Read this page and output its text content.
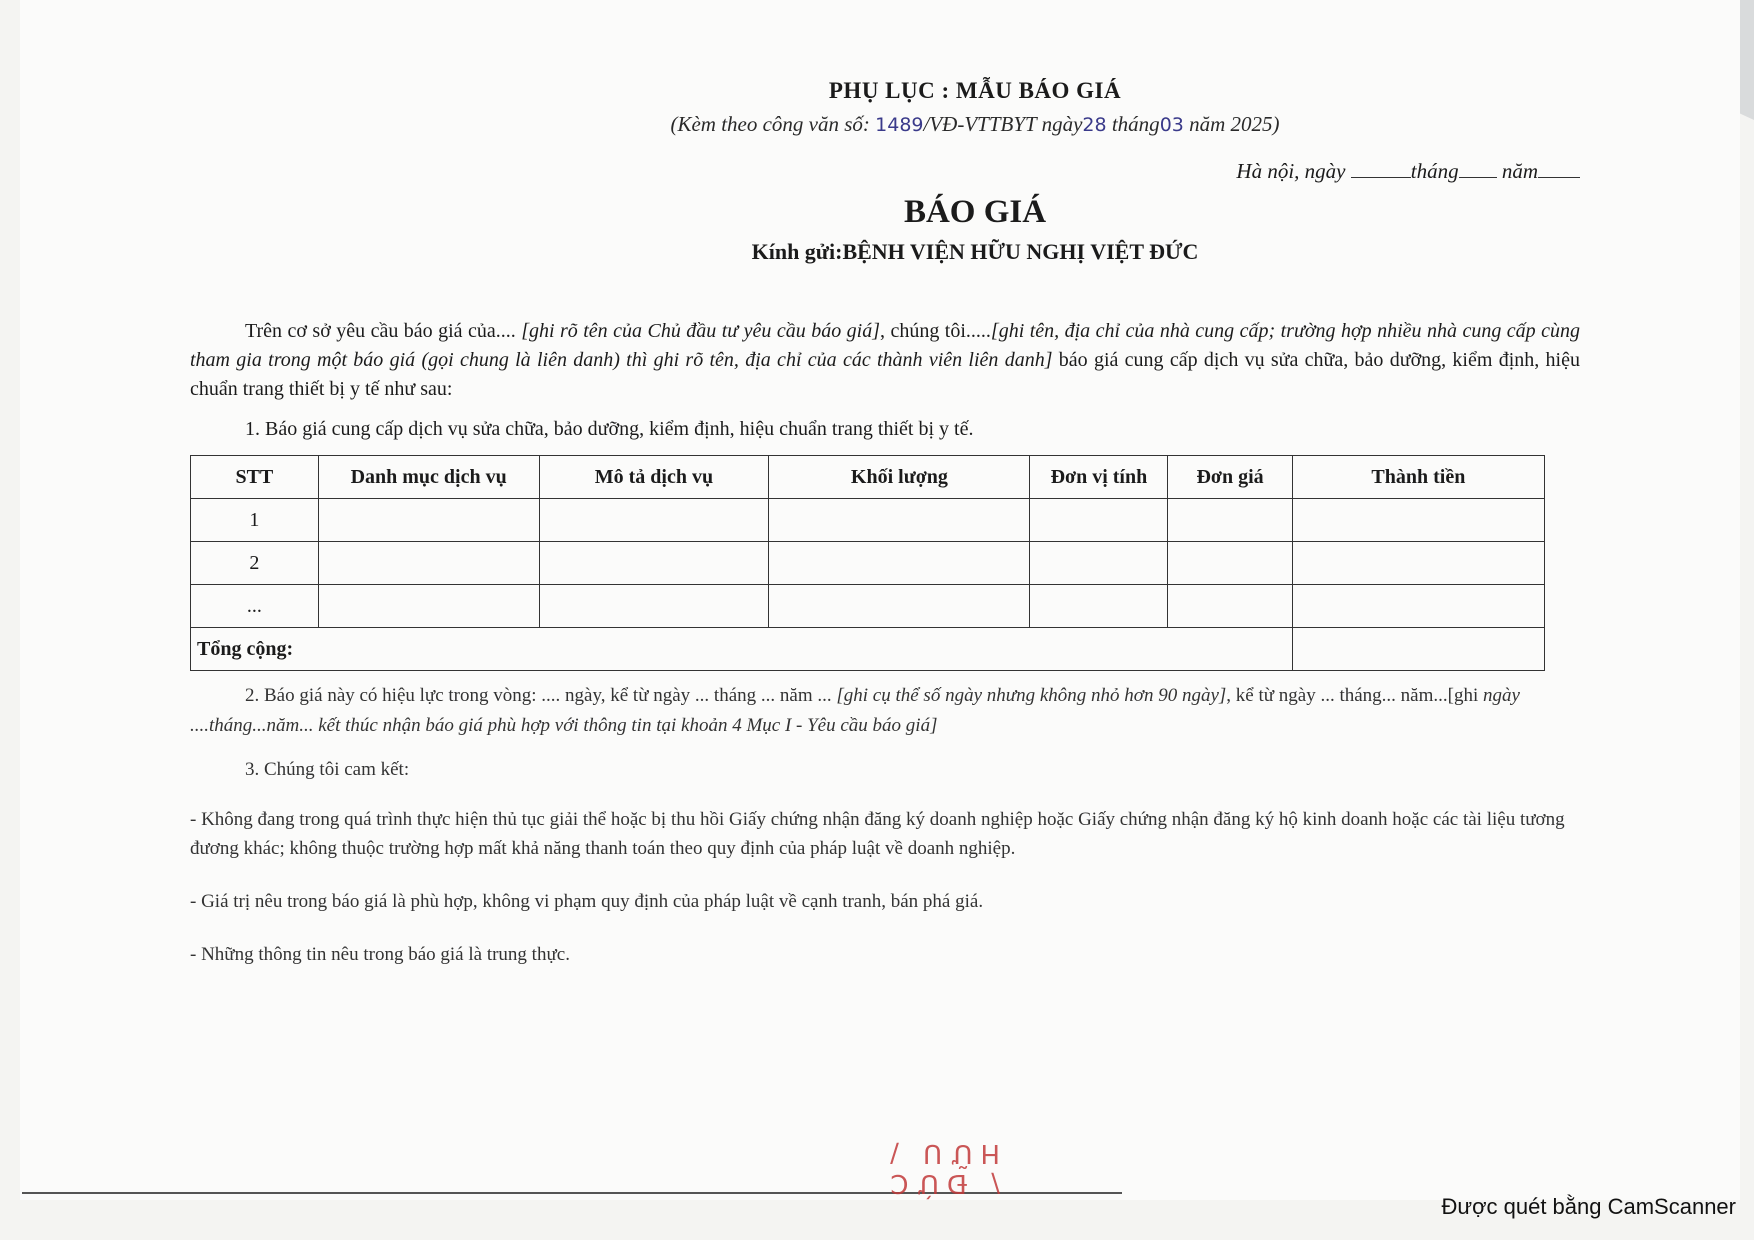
PHỤ LỤC : MẪU BÁO GIÁ
(Kèm theo công văn số: 1489/VĐ-VTTBYT ngày28 tháng03 năm 2025)
Hà nội, ngày	tháng năm
BÁO GIÁ
Kính gửi:BỆNH VIỆN HỮU NGHỊ VIỆT ĐỨC
Trên cơ sở yêu cầu báo giá của.... [ghi rõ tên của Chủ đầu tư yêu cầu báo giá], chúng tôi.....[ghi tên, địa chỉ của nhà cung cấp; trường hợp nhiều nhà cung cấp cùng tham gia trong một báo giá (gọi chung là liên danh) thì ghi rõ tên, địa chỉ của các thành viên liên danh] báo giá cung cấp dịch vụ sửa chữa, bảo dưỡng, kiểm định, hiệu chuẩn trang thiết bị y tế như sau:
1. Báo giá cung cấp dịch vụ sửa chữa, bảo dưỡng, kiểm định, hiệu chuẩn trang thiết bị y tế.
STT	Danh mục dịch vụ	Mô tả dịch vụ	Khối lượng	Đơn vị tính	Đơn giá	Thành tiền
1						
2						
...						
Tổng cộng:						
2. Báo giá này có hiệu lực trong vòng: .... ngày, kể từ ngày ... tháng ... năm ... [ghi cụ thể số ngày nhưng không nhỏ hơn 90 ngày], kể từ ngày ... tháng... năm...[ghi ngày ....tháng...năm... kết thúc nhận báo giá phù hợp với thông tin tại khoản 4 Mục I - Yêu cầu báo giá]
3. Chúng tôi cam kết:
- Không đang trong quá trình thực hiện thủ tục giải thể hoặc bị thu hồi Giấy chứng nhận đăng ký doanh nghiệp hoặc Giấy chứng nhận đăng ký hộ kinh doanh hoặc các tài liệu tương đương khác; không thuộc trường hợp mất khả năng thanh toán theo quy định của pháp luật về doanh nghiệp.
- Giá trị nêu trong báo giá là phù hợp, không vi phạm quy định của pháp luật về cạnh tranh, bán phá giá.
- Những thông tin nêu trong báo giá là trung thực.
\ ĐỨC HỮU /
Được quét bằng CamScanner
